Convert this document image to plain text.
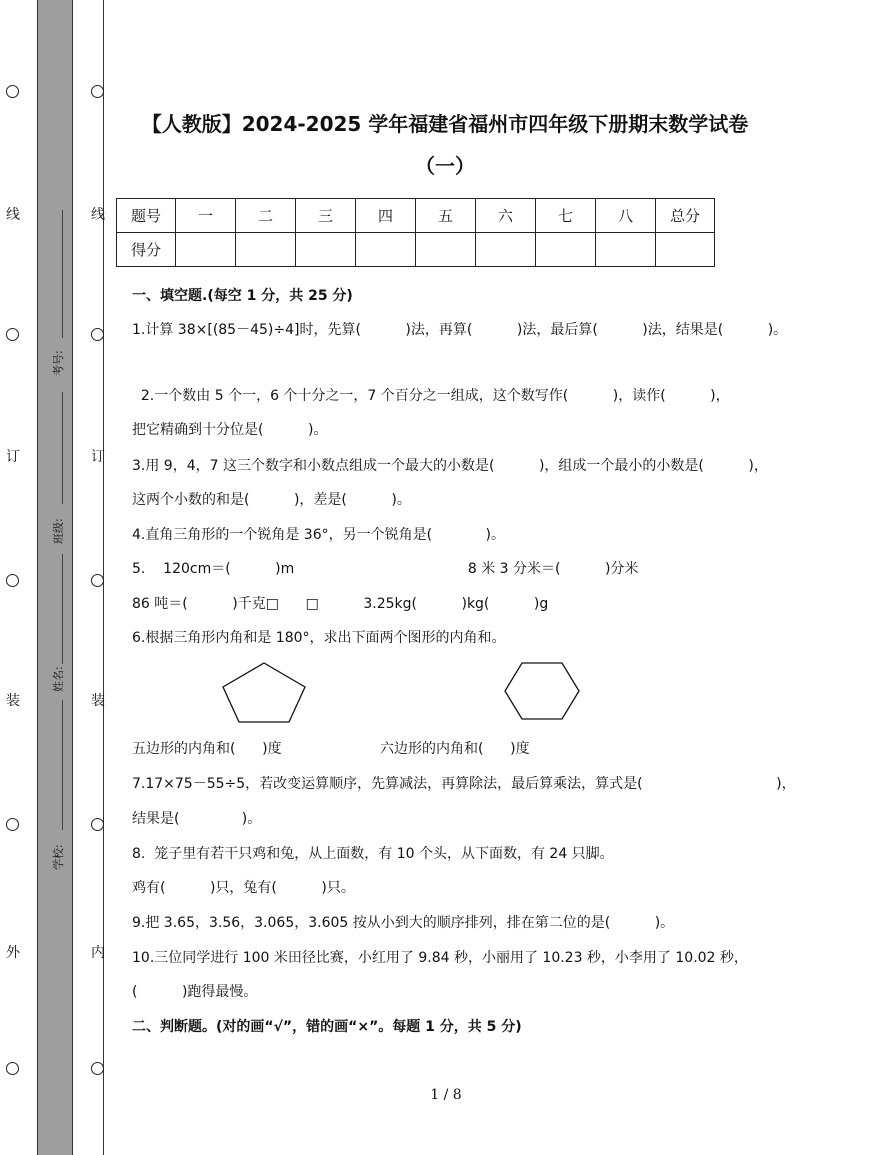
线
订
装
外
线
订
装
内
考号:
班级:
姓名:
学校:
【人教版】2024-2025 学年福建省福州市四年级下册期末数学试卷
（一）
题号	一	二	三	四	五	六	七	八	总分
得分									
一、填空题.(每空 1 分，共 25 分)
1.计算 38×[(85－45)÷4]时，先算(          )法，再算(          )法，最后算(          )法，结果是(          )。
2.一个数由 5 个一，6 个十分之一，7 个百分之一组成，这个数写作(          )，读作(          )，
把它精确到十分位是(          )。
3.用 9，4，7 这三个数字和小数点组成一个最大的小数是(          )，组成一个最小的小数是(          )，
这两个小数的和是(          )，差是(          )。
4.直角三角形的一个锐角是 36°，另一个锐角是(            )。
5.    120cm＝(          )m                                       8 米 3 分米＝(          )分米
86 吨＝(          )千克□      □          3.25kg(          )kg(          )g
6.根据三角形内角和是 180°，求出下面两个图形的内角和。
五边形的内角和(      )度	六边形的内角和(      )度
7.17×75－55÷5，若改变运算顺序，先算减法，再算除法，最后算乘法，算式是(                              )，
结果是(              )。
8.  笼子里有若干只鸡和兔，从上面数，有 10 个头，从下面数，有 24 只脚。
鸡有(          )只，兔有(          )只。
9.把 3.65，3.56，3.065，3.605 按从小到大的顺序排列，排在第二位的是(          )。
10.三位同学进行 100 米田径比赛，小红用了 9.84 秒，小丽用了 10.23 秒，小李用了 10.02 秒，
(          )跑得最慢。
二、判断题。(对的画“√”，错的画“×”。每题 1 分，共 5 分)
1 / 8
